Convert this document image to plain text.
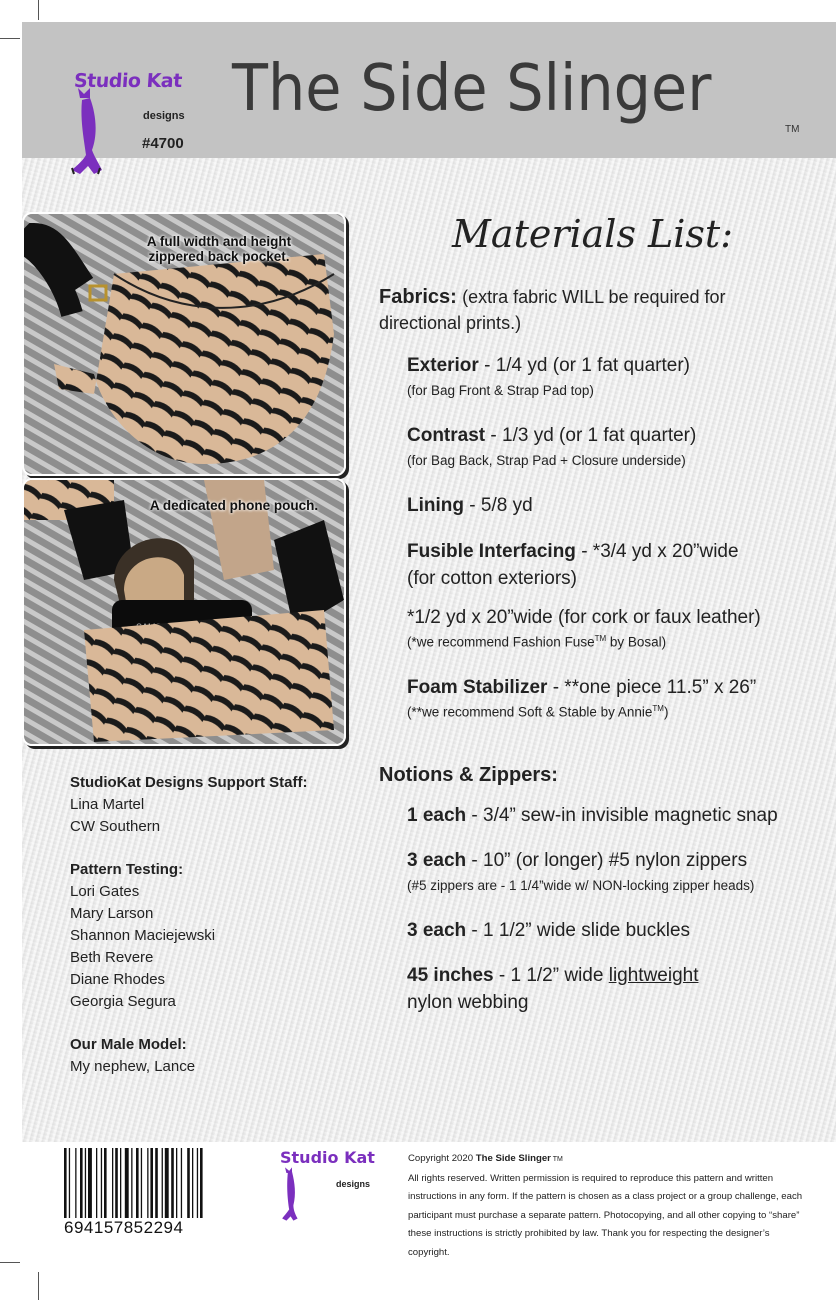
Studio Kat
designs
#4700
The Side Slinger
TM
A full width and height
zippered back pocket.
A dedicated phone pouch.
Materials List:
Fabrics: (extra fabric WILL be required for
directional prints.)
Exterior - 1/4 yd (or 1 fat quarter)
(for Bag Front & Strap Pad top)
Contrast - 1/3 yd (or 1 fat quarter)
(for Bag Back, Strap Pad + Closure underside)
Lining - 5/8 yd
Fusible Interfacing - *3/4 yd x 20”wide
(for cotton exteriors)
*1/2 yd x 20”wide (for cork or faux leather)
(*we recommend Fashion Fuse™ by Bosal)
Foam Stabilizer - **one piece 11.5” x 26”
(**we recommend Soft & Stable by Annie™)
Notions & Zippers:
1 each - 3/4” sew-in invisible magnetic snap
3 each - 10” (or longer) #5 nylon zippers
(#5 zippers are - 1 1/4”wide w/ NON-locking zipper heads)
3 each - 1 1/2” wide slide buckles
45 inches - 1 1/2” wide lightweight
nylon webbing
StudioKat Designs Support Staff:
Lina Martel
CW Southern
Pattern Testing:
Lori Gates
Mary Larson
Shannon Maciejewski
Beth Revere
Diane Rhodes
Georgia Segura
Our Male Model:
My nephew, Lance
694157852294
Studio Kat
designs
Copyright 2020 The Side Slinger TM
All rights reserved. Written permission is required to reproduce this pattern and written instructions in any form. If the pattern is chosen as a class project or a group challenge, each participant must purchase a separate pattern. Photocopying, and all other copying to “share” these instructions is strictly prohibited by law. Thank you for respecting the designer’s copyright.
